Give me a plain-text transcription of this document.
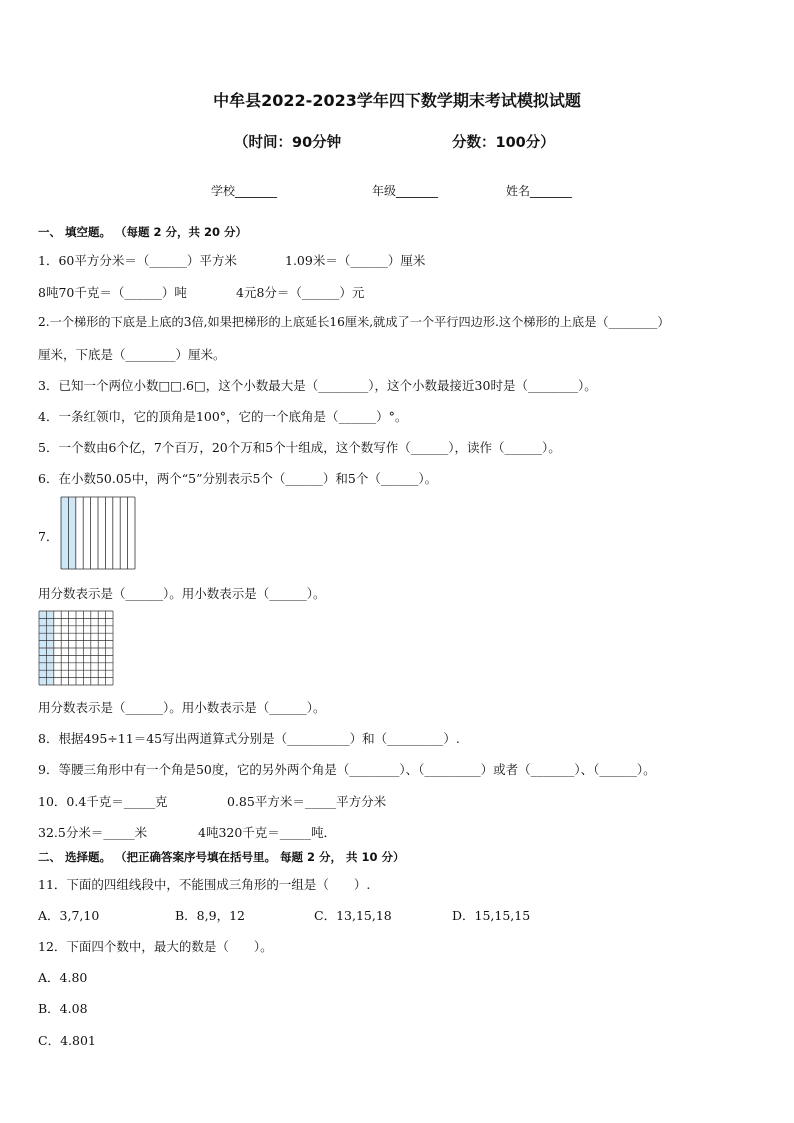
中牟县2022-2023学年四下数学期末考试模拟试题
（时间：90分钟	分数：100分）
学校_______	年级_______	姓名_______
一、 填空题。 （每题 2 分，共 20 分）
1．60平方分米＝（______）平方米	1.09米＝（______）厘米
8吨70千克＝（______）吨	4元8分＝（______）元
2.一个梯形的下底是上底的3倍,如果把梯形的上底延长16厘米,就成了一个平行四边形.这个梯形的上底是（________）
厘米，下底是（________）厘米。
3．已知一个两位小数□□.6□，这个小数最大是（________），这个小数最接近30时是（________）。
4．一条红领巾，它的顶角是100°，它的一个底角是（______）°。
5．一个数由6个亿，7个百万，20个万和5个十组成，这个数写作（______），读作（______）。
6．在小数50.05中，两个“5”分别表示5个（______）和5个（______）。
7．
用分数表示是（______）。用小数表示是（______）。
用分数表示是（______）。用小数表示是（______）。
8．根据495÷11＝45写出两道算式分别是（__________）和（_________）.
9．等腰三角形中有一个角是50度，它的另外两个角是（________）、（_________）或者（_______）、（______）。
10．0.4千克＝_____克	0.85平方米＝_____平方分米
32.5分米＝_____米	4吨320千克＝_____吨．
二、 选择题。 （把正确答案序号填在括号里。 每题 2 分， 共 10 分）
11．下面的四组线段中，不能围成三角形的一组是（　　）.
A．3,7,10	B．8,9，12	C．13,15,18	D．15,15,15
12．下面四个数中，最大的数是（　　）。
A．4.80
B．4.08
C．4.801
